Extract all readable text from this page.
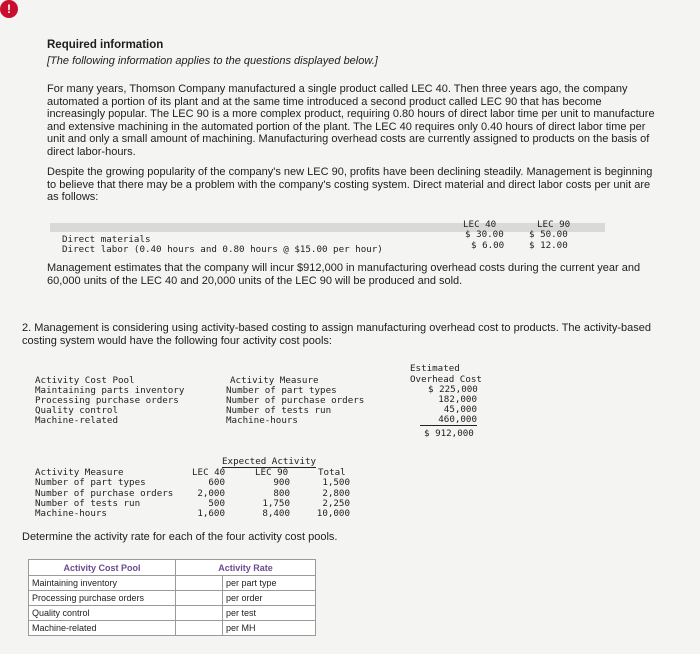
!
Required information
[The following information applies to the questions displayed below.]
For many years, Thomson Company manufactured a single product called LEC 40. Then three years ago, the company automated a portion of its plant and at the same time introduced a second product called LEC 90 that has become increasingly popular. The LEC 90 is a more complex product, requiring 0.80 hours of direct labor time per unit to manufacture and extensive machining in the automated portion of the plant. The LEC 40 requires only 0.40 hours of direct labor time per unit and only a small amount of machining. Manufacturing overhead costs are currently assigned to products on the basis of direct labor-hours.
Despite the growing popularity of the company's new LEC 90, profits have been declining steadily. Management is beginning to believe that there may be a problem with the company's costing system. Direct material and direct labor costs per unit are as follows:
LEC 40	LEC 90
Direct materials	$ 30.00	$ 50.00
Direct labor (0.40 hours and 0.80 hours @ $15.00 per hour)	$ 6.00	$ 12.00
Management estimates that the company will incur $912,000 in manufacturing overhead costs during the current year and 60,000 units of the LEC 40 and 20,000 units of the LEC 90 will be produced and sold.
2. Management is considering using activity-based costing to assign manufacturing overhead cost to products. The activity-based costing system would have the following four activity cost pools:
Estimated
Overhead Cost
Activity Cost Pool	Activity Measure
Maintaining parts inventory	Number of part types	$ 225,000
Processing purchase orders	Number of purchase orders	182,000
Quality control	Number of tests run	45,000
Machine-related	Machine-hours	460,000
$ 912,000
Expected Activity
Activity Measure	LEC 40	LEC 90	Total
Number of part types	600	900	1,500
Number of purchase orders	2,000	800	2,800
Number of tests run	500	1,750	2,250
Machine-hours	1,600	8,400	10,000
Determine the activity rate for each of the four activity cost pools.
Activity Cost Pool	Activity Rate	
Maintaining inventory		per part type
Processing purchase orders		per order
Quality control		per test
Machine-related		per MH
